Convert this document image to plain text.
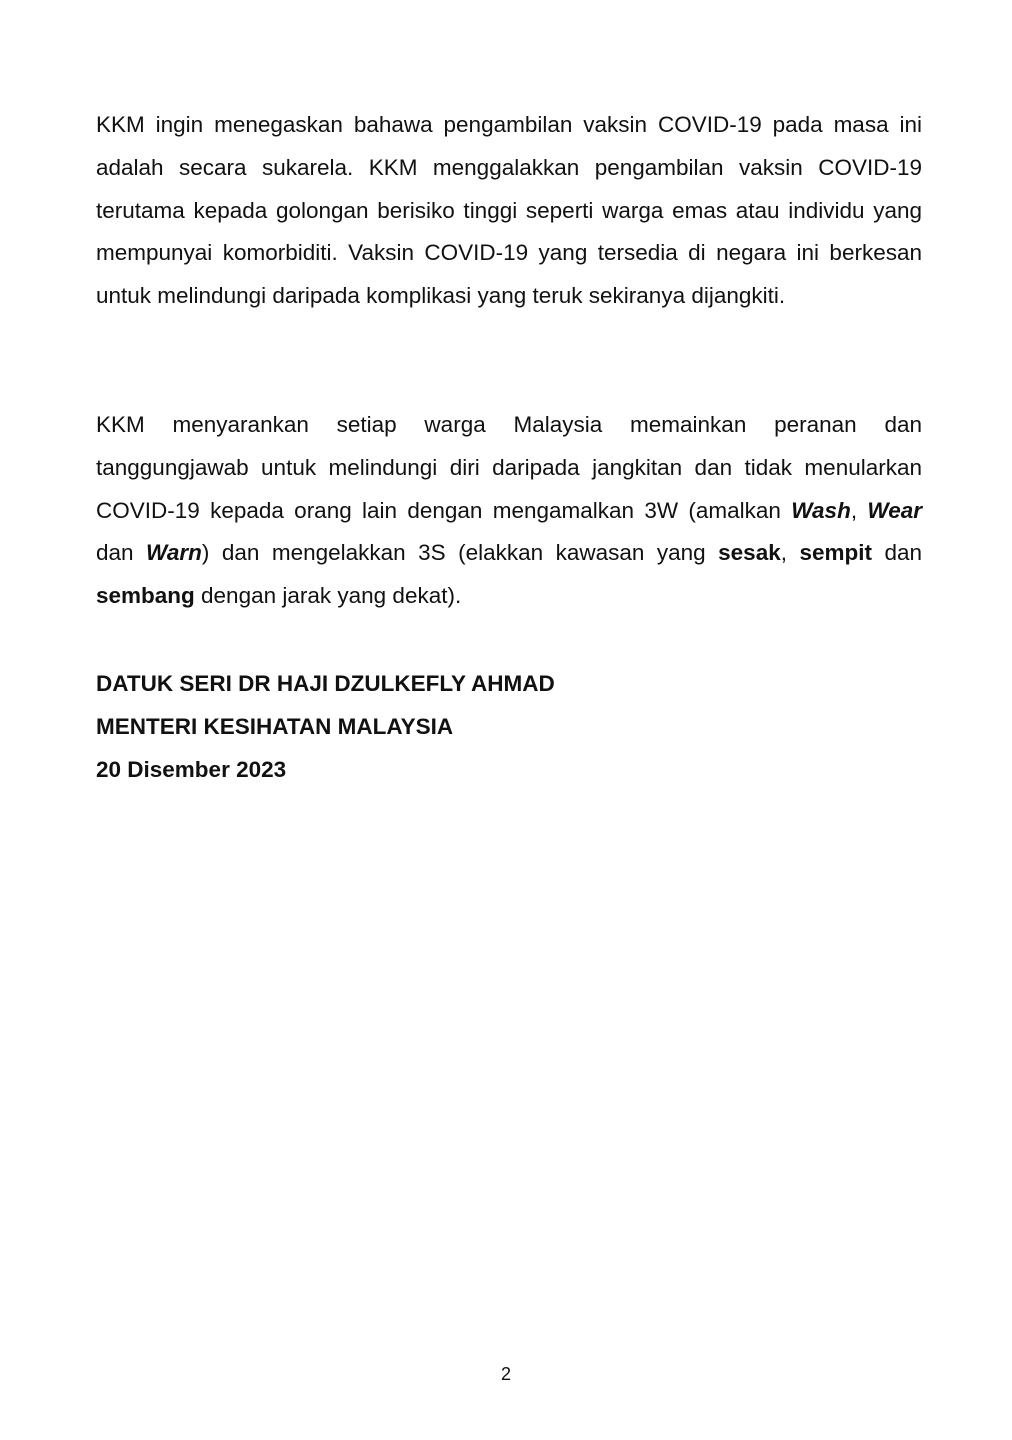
KKM ingin menegaskan bahawa pengambilan vaksin COVID-19 pada masa ini adalah secara sukarela. KKM menggalakkan pengambilan vaksin COVID-19 terutama kepada golongan berisiko tinggi seperti warga emas atau individu yang mempunyai komorbiditi. Vaksin COVID-19 yang tersedia di negara ini berkesan untuk melindungi daripada komplikasi yang teruk sekiranya dijangkiti.

KKM menyarankan setiap warga Malaysia memainkan peranan dan tanggungjawab untuk melindungi diri daripada jangkitan dan tidak menularkan COVID-19 kepada orang lain dengan mengamalkan 3W (amalkan Wash, Wear dan Warn) dan mengelakkan 3S (elakkan kawasan yang sesak, sempit dan sembang dengan jarak yang dekat).

DATUK SERI DR HAJI DZULKEFLY AHMAD
MENTERI KESIHATAN MALAYSIA
20 Disember 2023
2
